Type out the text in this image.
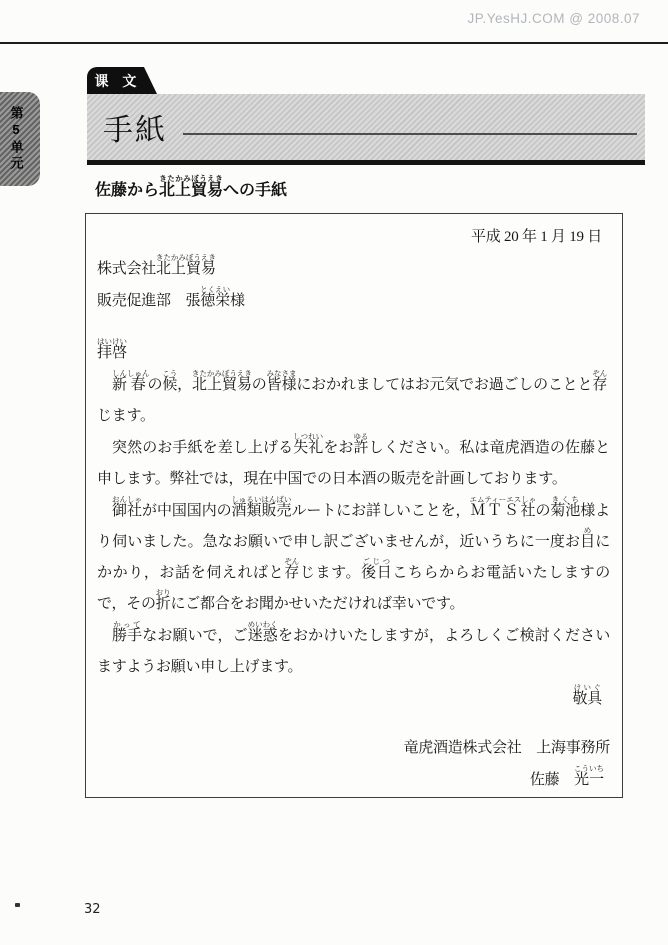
JP.YesHJ.COM @ 2008.07
第5单元
课 文
手紙
佐藤から北上貿易きたかみぼうえきへの手紙
平成 20 年 1 月 19 日
株式会社北上貿易きたかみぼうえき
販売促進部　張徳栄とくえい様
拝啓はいけい

新春しんしゅんの候こう，北上貿易きたかみぼうえきの皆様みなさまにおかれましてはお元気でお過ごしのことと存ぞんじます。

突然のお手紙を差し上げる失礼しつれいをお許ゆるしください。私は竜虎酒造の佐藤と申します。弊社では，現在中国での日本酒の販売を計画しております。

御社おんしゃが中国国内の酒類販売しゅるいはんばいルートにお詳しいことを，ＭＴＳ社エムティーエスしゃの菊池きくち様より伺いました。急なお願いで申し訳ございませんが，近いうちに一度お目めにかかり，お話を伺えればと存ぞんじます。後日ごじつこちらからお電話いたしますので，その折おりにご都合をお聞かせいただければ幸いです。

勝手かってなお願いで，ご迷惑めいわくをおかけいたしますが，よろしくご検討くださいますようお願い申し上げます。

敬具けいぐ
竜虎酒造株式会社　上海事務所
佐藤　光一こういち
32
